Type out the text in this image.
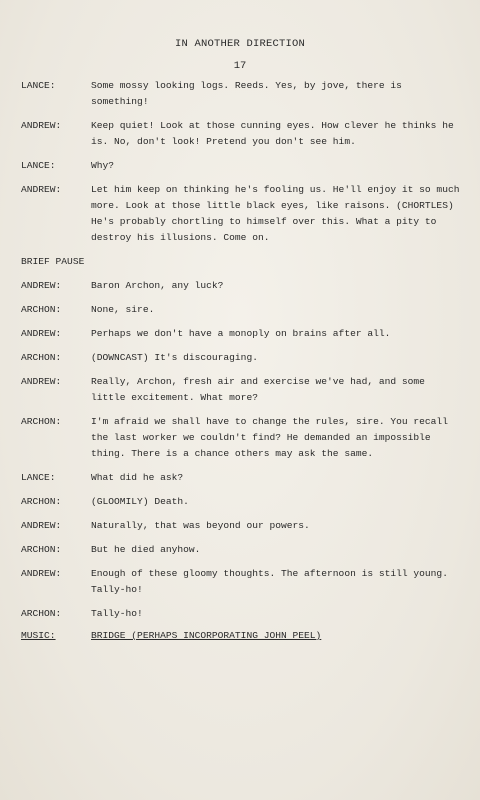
IN ANOTHER DIRECTION
17
LANCE:	Some mossy looking logs. Reeds. Yes, by jove, there is something!
ANDREW:	Keep quiet! Look at those cunning eyes. How clever he thinks he is. No, don't look! Pretend you don't see him.
LANCE:	Why?
ANDREW:	Let him keep on thinking he's fooling us. He'll enjoy it so much more. Look at those little black eyes, like raisons. (CHORTLES) He's probably chortling to himself over this. What a pity to destroy his illusions. Come on.
BRIEF PAUSE
ANDREW:	Baron Archon, any luck?
ARCHON:	None, sire.
ANDREW:	Perhaps we don't have a monoply on brains after all.
ARCHON:	(DOWNCAST) It's discouraging.
ANDREW:	Really, Archon, fresh air and exercise we've had, and some little excitement. What more?
ARCHON:	I'm afraid we shall have to change the rules, sire. You recall the last worker we couldn't find? He demanded an impossible thing. There is a chance others may ask the same.
LANCE:	What did he ask?
ARCHON:	(GLOOMILY) Death.
ANDREW:	Naturally, that was beyond our powers.
ARCHON:	But he died anyhow.
ANDREW:	Enough of these gloomy thoughts. The afternoon is still young. Tally-ho!
ARCHON:	Tally-ho!
MUSIC:	BRIDGE (PERHAPS INCORPORATING JOHN PEEL)
